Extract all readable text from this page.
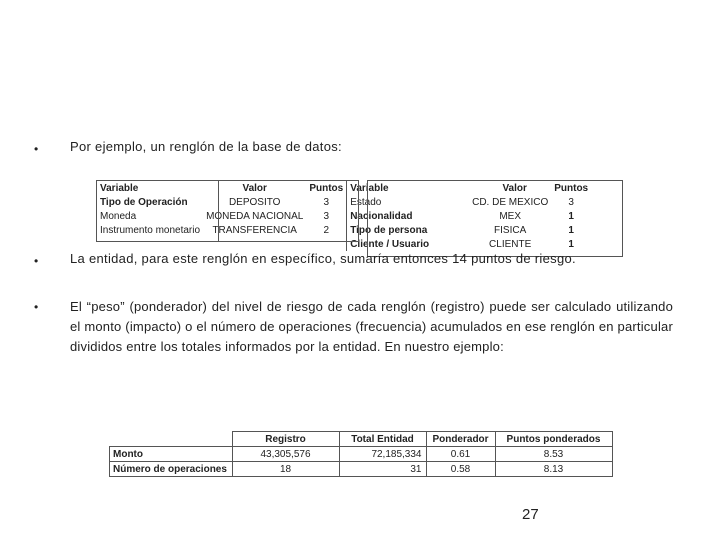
• Por ejemplo, un renglón de la base de datos:
Variable	Valor	Puntos	Variable	Valor	Puntos
Tipo de Operación	DEPOSITO	3	Estado	CD. DE MEXICO	3
Moneda	MONEDA NACIONAL	3	Nacionalidad	MEX	1
Instrumento monetario	TRANSFERENCIA	2	Tipo de persona	FISICA	1
			Cliente / Usuario	CLIENTE	1
• La entidad, para este renglón en específico, sumaría entonces 14 puntos de riesgo.
• El “peso” (ponderador) del nivel de riesgo de cada renglón (registro) puede ser calculado utilizando el monto (impacto) o el número de operaciones (frecuencia) acumulados en ese renglón en particular divididos entre los totales informados por la entidad. En nuestro ejemplo:
	Registro	Total Entidad	Ponderador	Puntos ponderados
Monto	43,305,576	72,185,334	0.61	8.53
Número de operaciones	18	31	0.58	8.13
27
